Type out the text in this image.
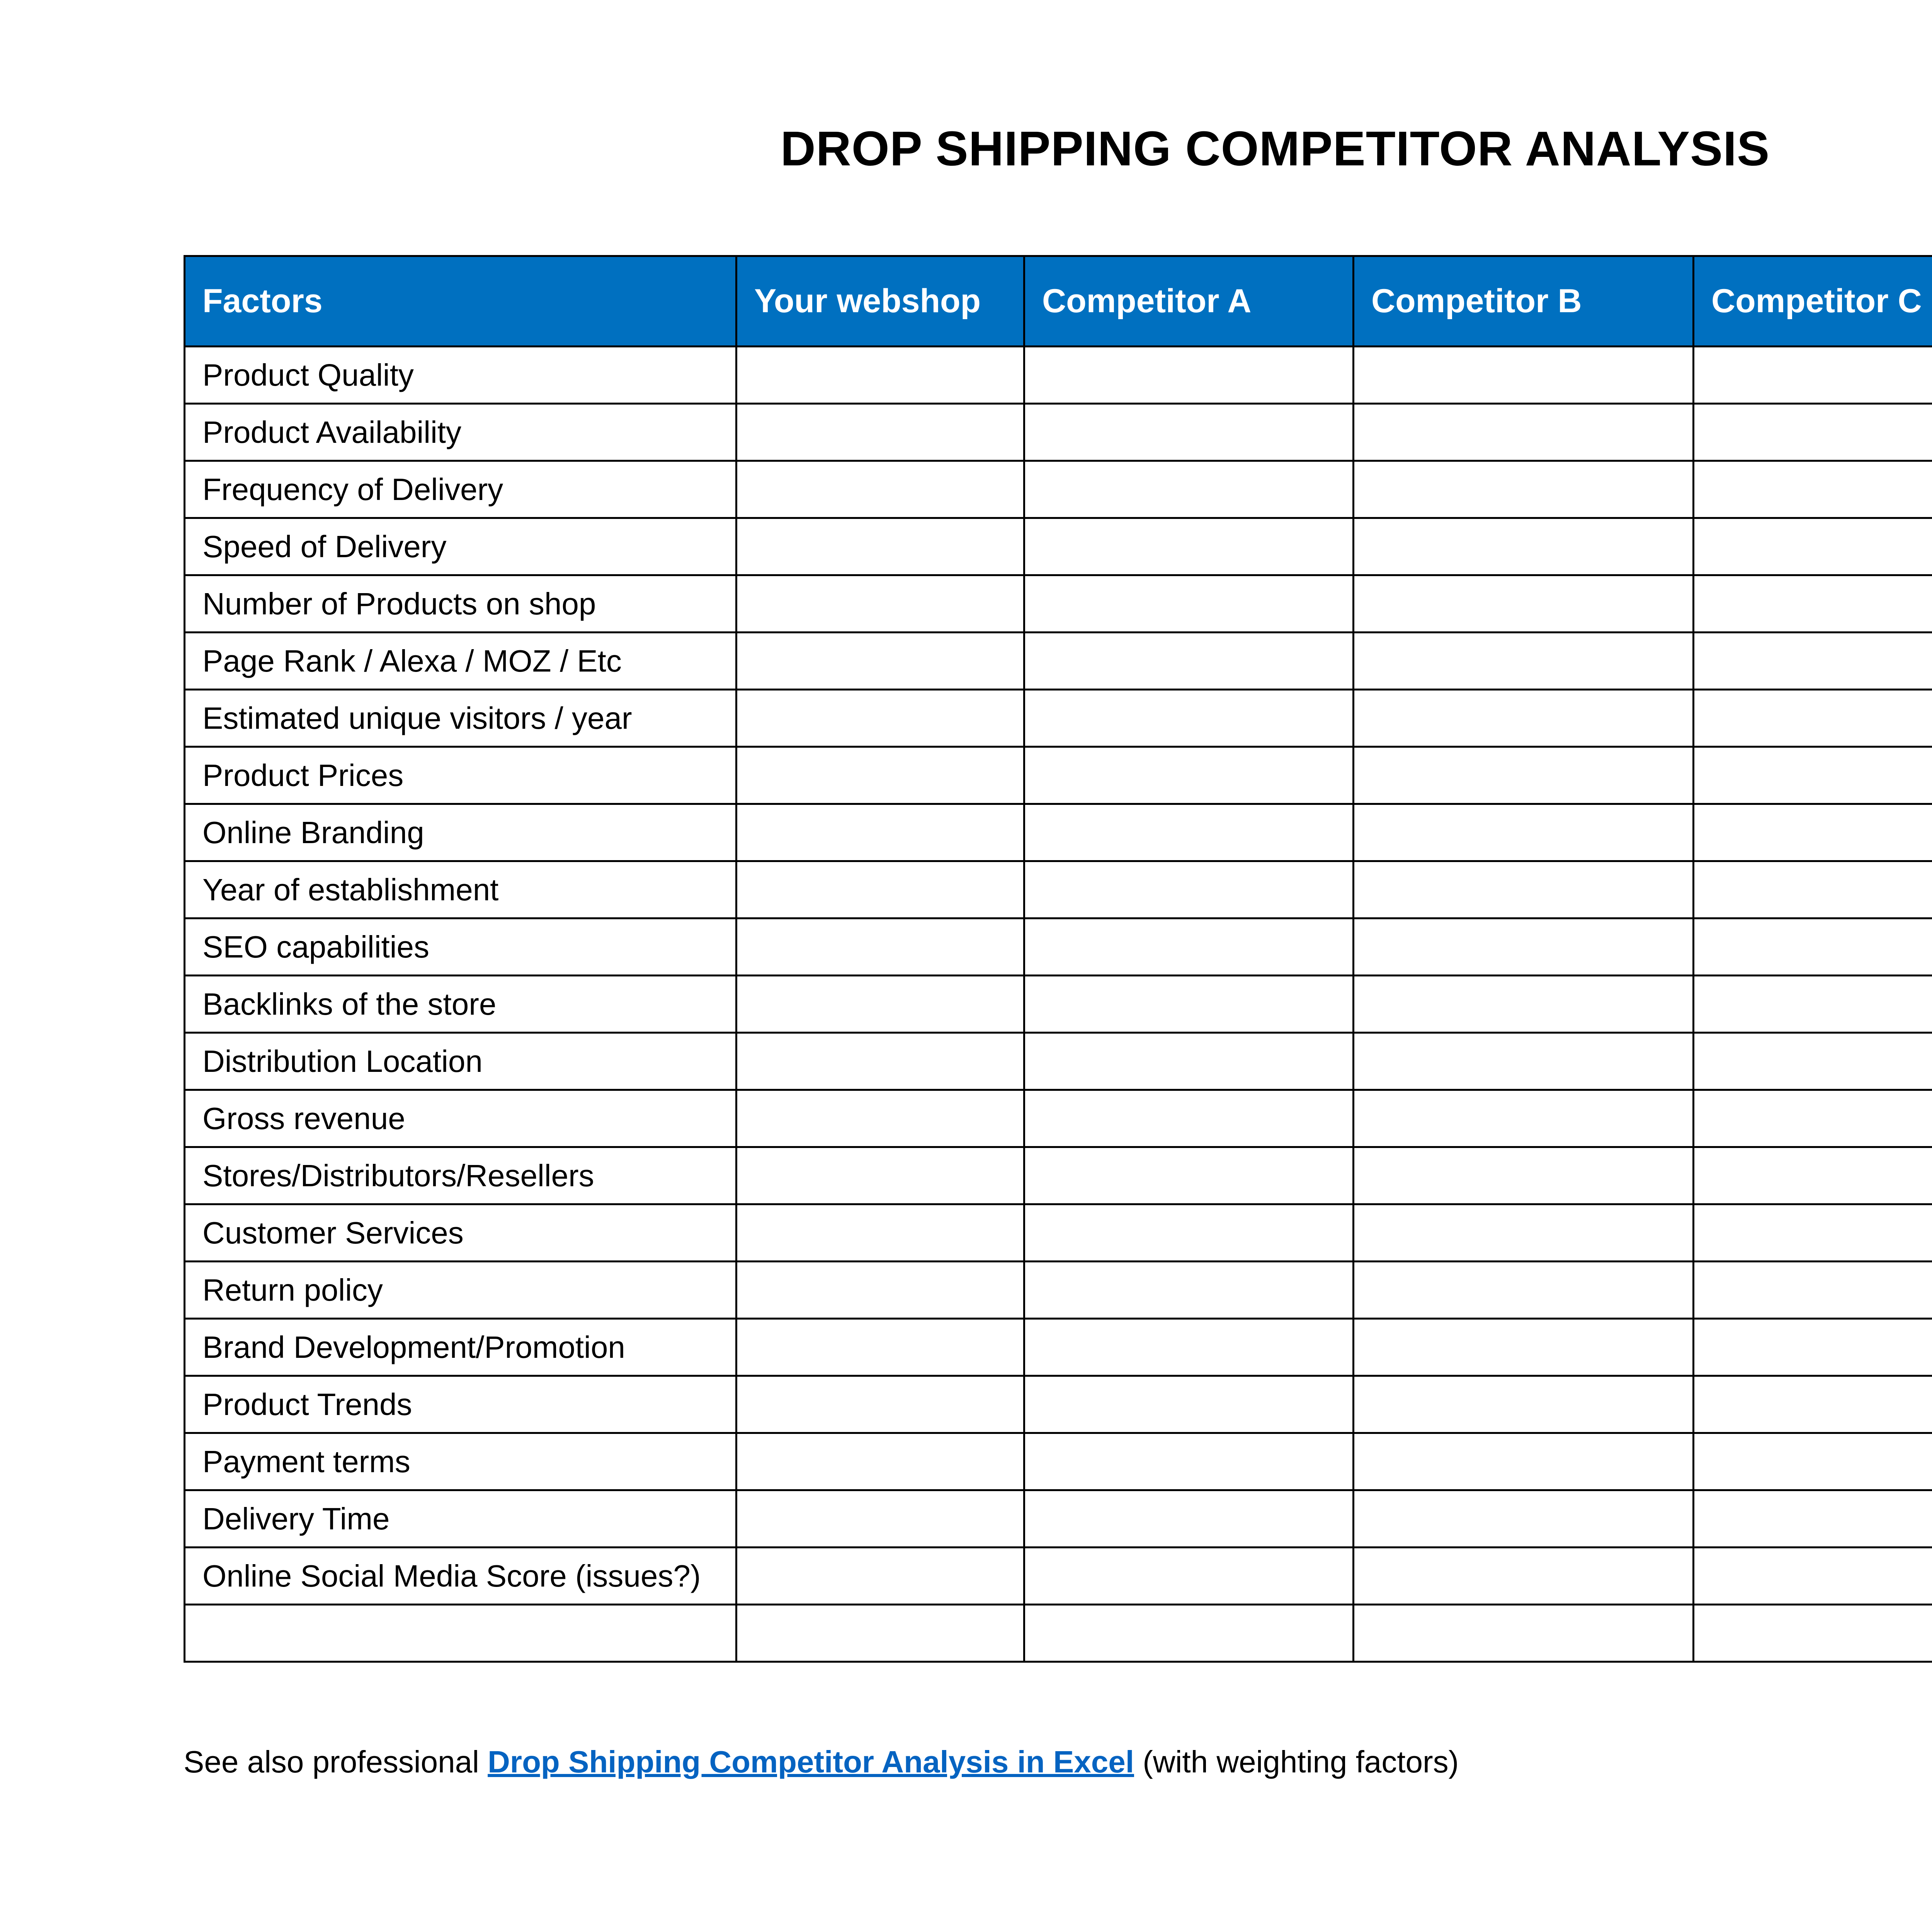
DROP SHIPPING COMPETITOR ANALYSIS
Factors	Your webshop	Competitor A	Competitor B	Competitor C	
Product Quality					
Product Availability					
Frequency of Delivery					
Speed of Delivery					
Number of Products on shop					
Page Rank / Alexa / MOZ / Etc					
Estimated unique visitors / year					
Product Prices					
Online Branding					
Year of establishment					
SEO capabilities					
Backlinks of the store					
Distribution Location					
Gross revenue					
Stores/Distributors/Resellers					
Customer Services					
Return policy					
Brand Development/Promotion					
Product Trends					
Payment terms					
Delivery Time					
Online Social Media Score (issues?)					

See also professional Drop Shipping Competitor Analysis in Excel (with weighting factors)
